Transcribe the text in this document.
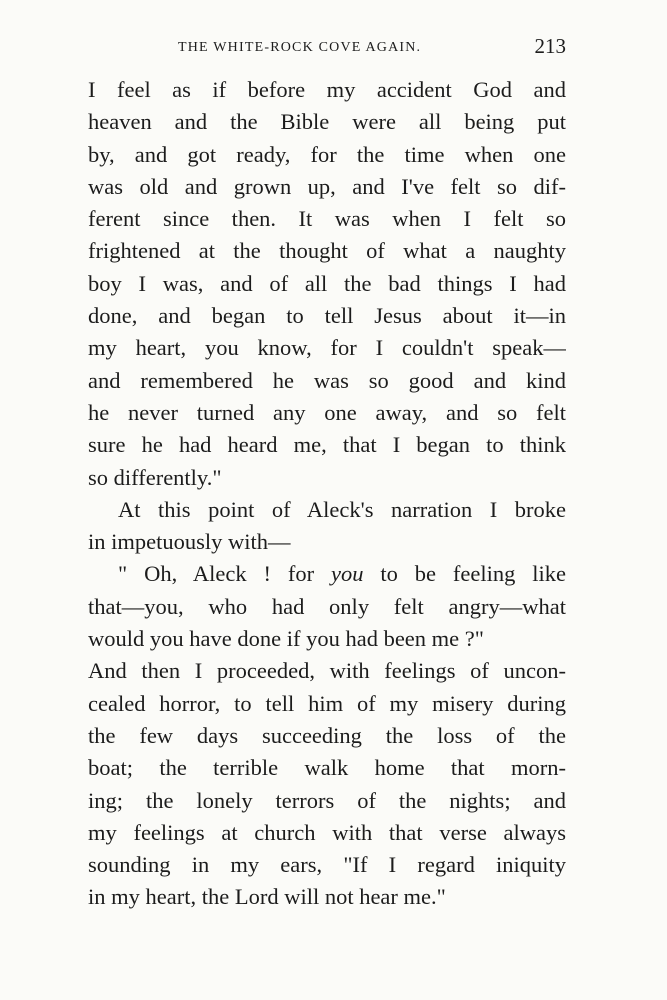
THE WHITE-ROCK COVE AGAIN.	213
I feel as if before my accident God and
heaven and the Bible were all being put
by, and got ready, for the time when one
was old and grown up, and I've felt so dif-
ferent since then. It was when I felt so
frightened at the thought of what a naughty
boy I was, and of all the bad things I had
done, and began to tell Jesus about it—in
my heart, you know, for I couldn't speak—
and remembered he was so good and kind
he never turned any one away, and so felt
sure he had heard me, that I began to think
so differently."
At this point of Aleck's narration I broke
in impetuously with—
" Oh, Aleck ! for you to be feeling like
that—you, who had only felt angry—what
would you have done if you had been me ?"
And then I proceeded, with feelings of uncon-
cealed horror, to tell him of my misery during
the few days succeeding the loss of the
boat; the terrible walk home that morn-
ing; the lonely terrors of the nights; and
my feelings at church with that verse always
sounding in my ears, "If I regard iniquity
in my heart, the Lord will not hear me."
